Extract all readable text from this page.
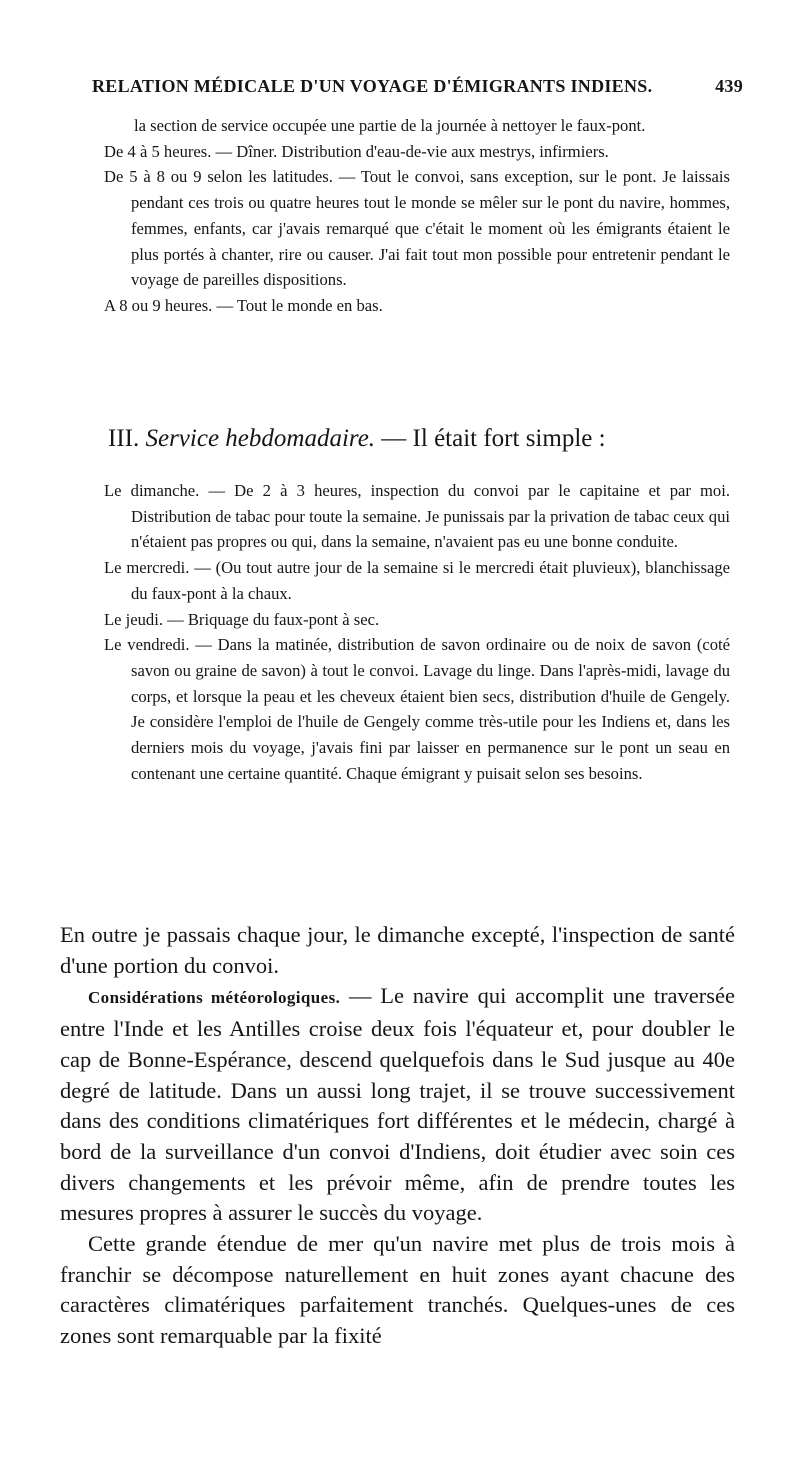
RELATION MÉDICALE D'UN VOYAGE D'ÉMIGRANTS INDIENS.	439

la section de service occupée une partie de la journée à nettoyer le faux-pont.

De 4 à 5 heures. — Dîner. Distribution d'eau-de-vie aux mestrys, infirmiers.

De 5 à 8 ou 9 selon les latitudes. — Tout le convoi, sans exception, sur le pont. Je laissais pendant ces trois ou quatre heures tout le monde se mêler sur le pont du navire, hommes, femmes, enfants, car j'avais remarqué que c'était le moment où les émigrants étaient le plus portés à chanter, rire ou causer. J'ai fait tout mon possible pour entretenir pendant le voyage de pareilles dispositions.

A 8 ou 9 heures. — Tout le monde en bas.

III. Service hebdomadaire. — Il était fort simple :

Le dimanche. — De 2 à 3 heures, inspection du convoi par le capitaine et par moi. Distribution de tabac pour toute la semaine. Je punissais par la privation de tabac ceux qui n'étaient pas propres ou qui, dans la semaine, n'avaient pas eu une bonne conduite.

Le mercredi. — (Ou tout autre jour de la semaine si le mercredi était pluvieux), blanchissage du faux-pont à la chaux.

Le jeudi. — Briquage du faux-pont à sec.

Le vendredi. — Dans la matinée, distribution de savon ordinaire ou de noix de savon (coté savon ou graine de savon) à tout le convoi. Lavage du linge. Dans l'après-midi, lavage du corps, et lorsque la peau et les cheveux étaient bien secs, distribution d'huile de Gengely. Je considère l'emploi de l'huile de Gengely comme très-utile pour les Indiens et, dans les derniers mois du voyage, j'avais fini par laisser en permanence sur le pont un seau en contenant une certaine quantité. Chaque émigrant y puisait selon ses besoins.

En outre je passais chaque jour, le dimanche excepté, l'inspection de santé d'une portion du convoi.

Considérations météorologiques. — Le navire qui accomplit une traversée entre l'Inde et les Antilles croise deux fois l'équateur et, pour doubler le cap de Bonne-Espérance, descend quelquefois dans le Sud jusque au 40e degré de latitude. Dans un aussi long trajet, il se trouve successivement dans des conditions climatériques fort différentes et le médecin, chargé à bord de la surveillance d'un convoi d'Indiens, doit étudier avec soin ces divers changements et les prévoir même, afin de prendre toutes les mesures propres à assurer le succès du voyage.

Cette grande étendue de mer qu'un navire met plus de trois mois à franchir se décompose naturellement en huit zones ayant chacune des caractères climatériques parfaitement tranchés. Quelques-unes de ces zones sont remarquable par la fixité
